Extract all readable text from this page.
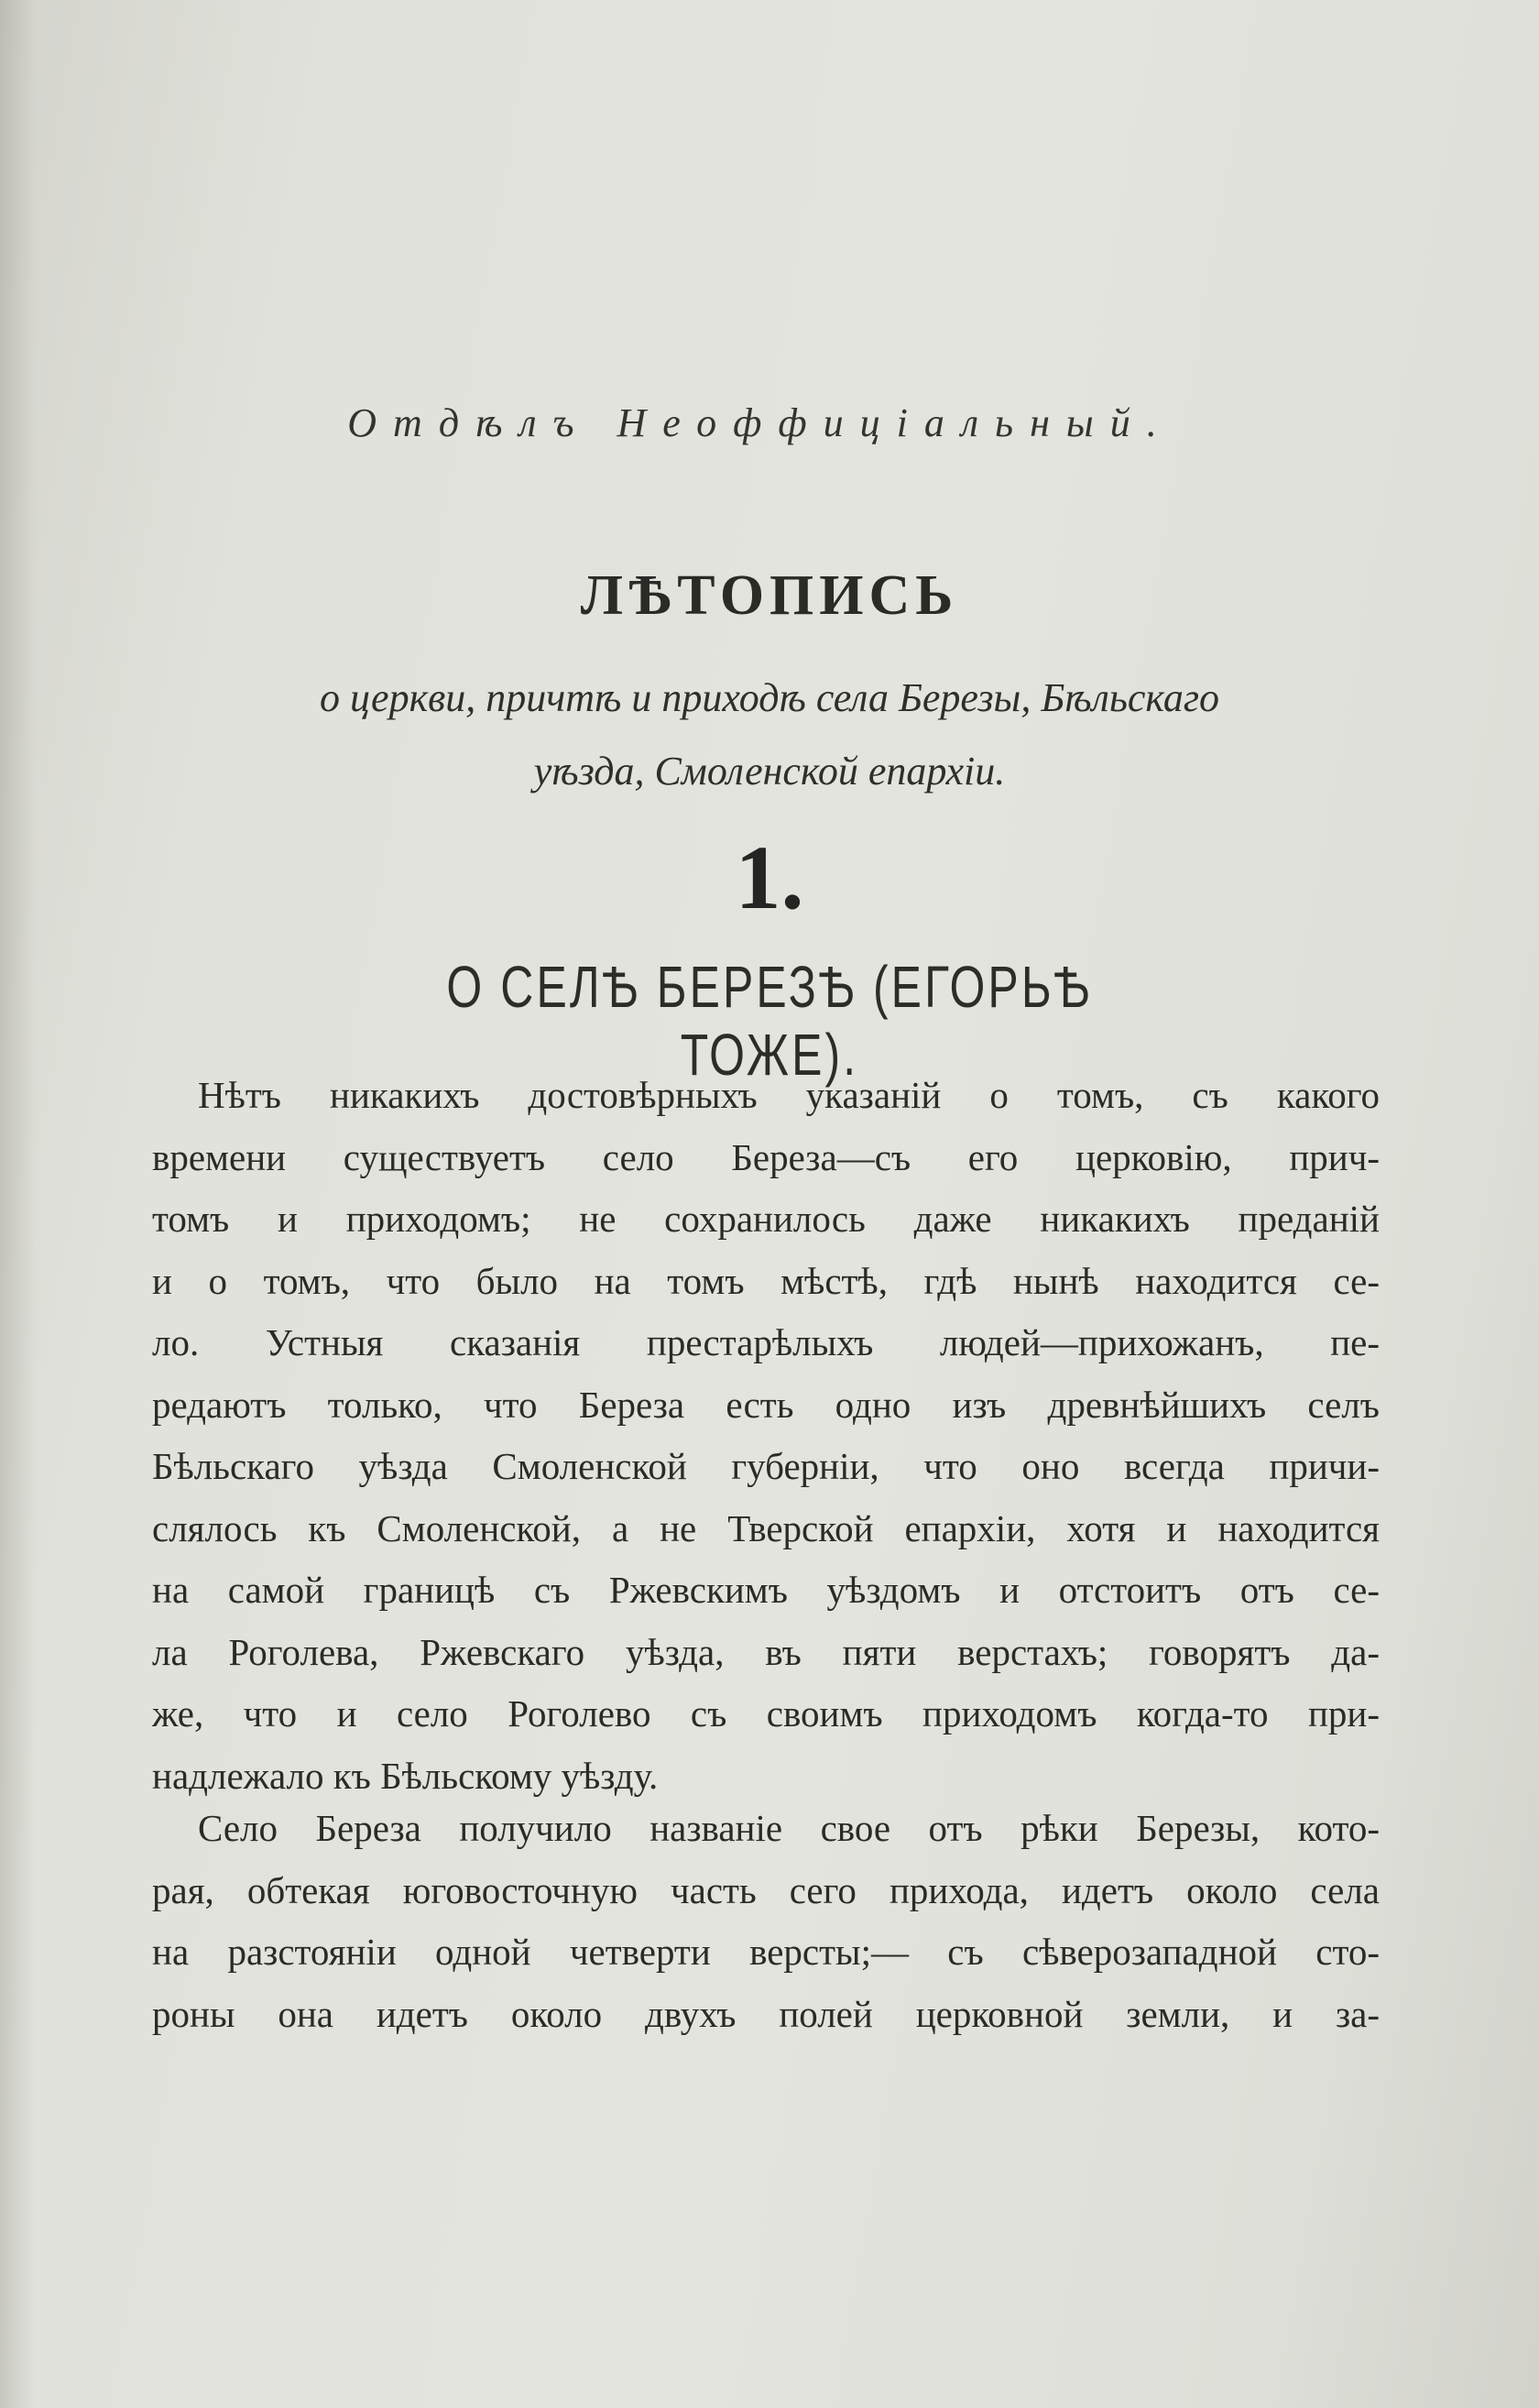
Отдѣлъ Неоффиціальный.
ЛѢТОПИСЬ
о церкви, причтѣ и приходѣ села Березы, Бѣльскаго
уѣзда, Смоленской епархіи.
1.
О СЕЛѢ БЕРЕЗѢ (ЕГОРЬѢ ТОЖЕ).
Нѣтъ никакихъ достовѣрныхъ указаній о томъ, съ какого
времени существуетъ село Береза—съ его церковію, прич-
томъ и приходомъ; не сохранилось даже никакихъ преданій
и о томъ, что было на томъ мѣстѣ, гдѣ нынѣ находится се-
ло. Устныя сказанія престарѣлыхъ людей—прихожанъ, пе-
редаютъ только, что Береза есть одно изъ древнѣйшихъ селъ
Бѣльскаго уѣзда Смоленской губерніи, что оно всегда причи-
слялось къ Смоленской, а не Тверской епархіи, хотя и находится
на самой границѣ съ Ржевскимъ уѣздомъ и отстоитъ отъ се-
ла Роголева, Ржевскаго уѣзда, въ пяти верстахъ; говорятъ да-
же, что и село Роголево съ своимъ приходомъ когда-то при-
надлежало къ Бѣльскому уѣзду.
Село Береза получило названіе свое отъ рѣки Березы, кото-
рая, обтекая юговосточную часть сего прихода, идетъ около села
на разстояніи одной четверти версты;— съ сѣверозападной сто-
роны она идетъ около двухъ полей церковной земли, и за-
